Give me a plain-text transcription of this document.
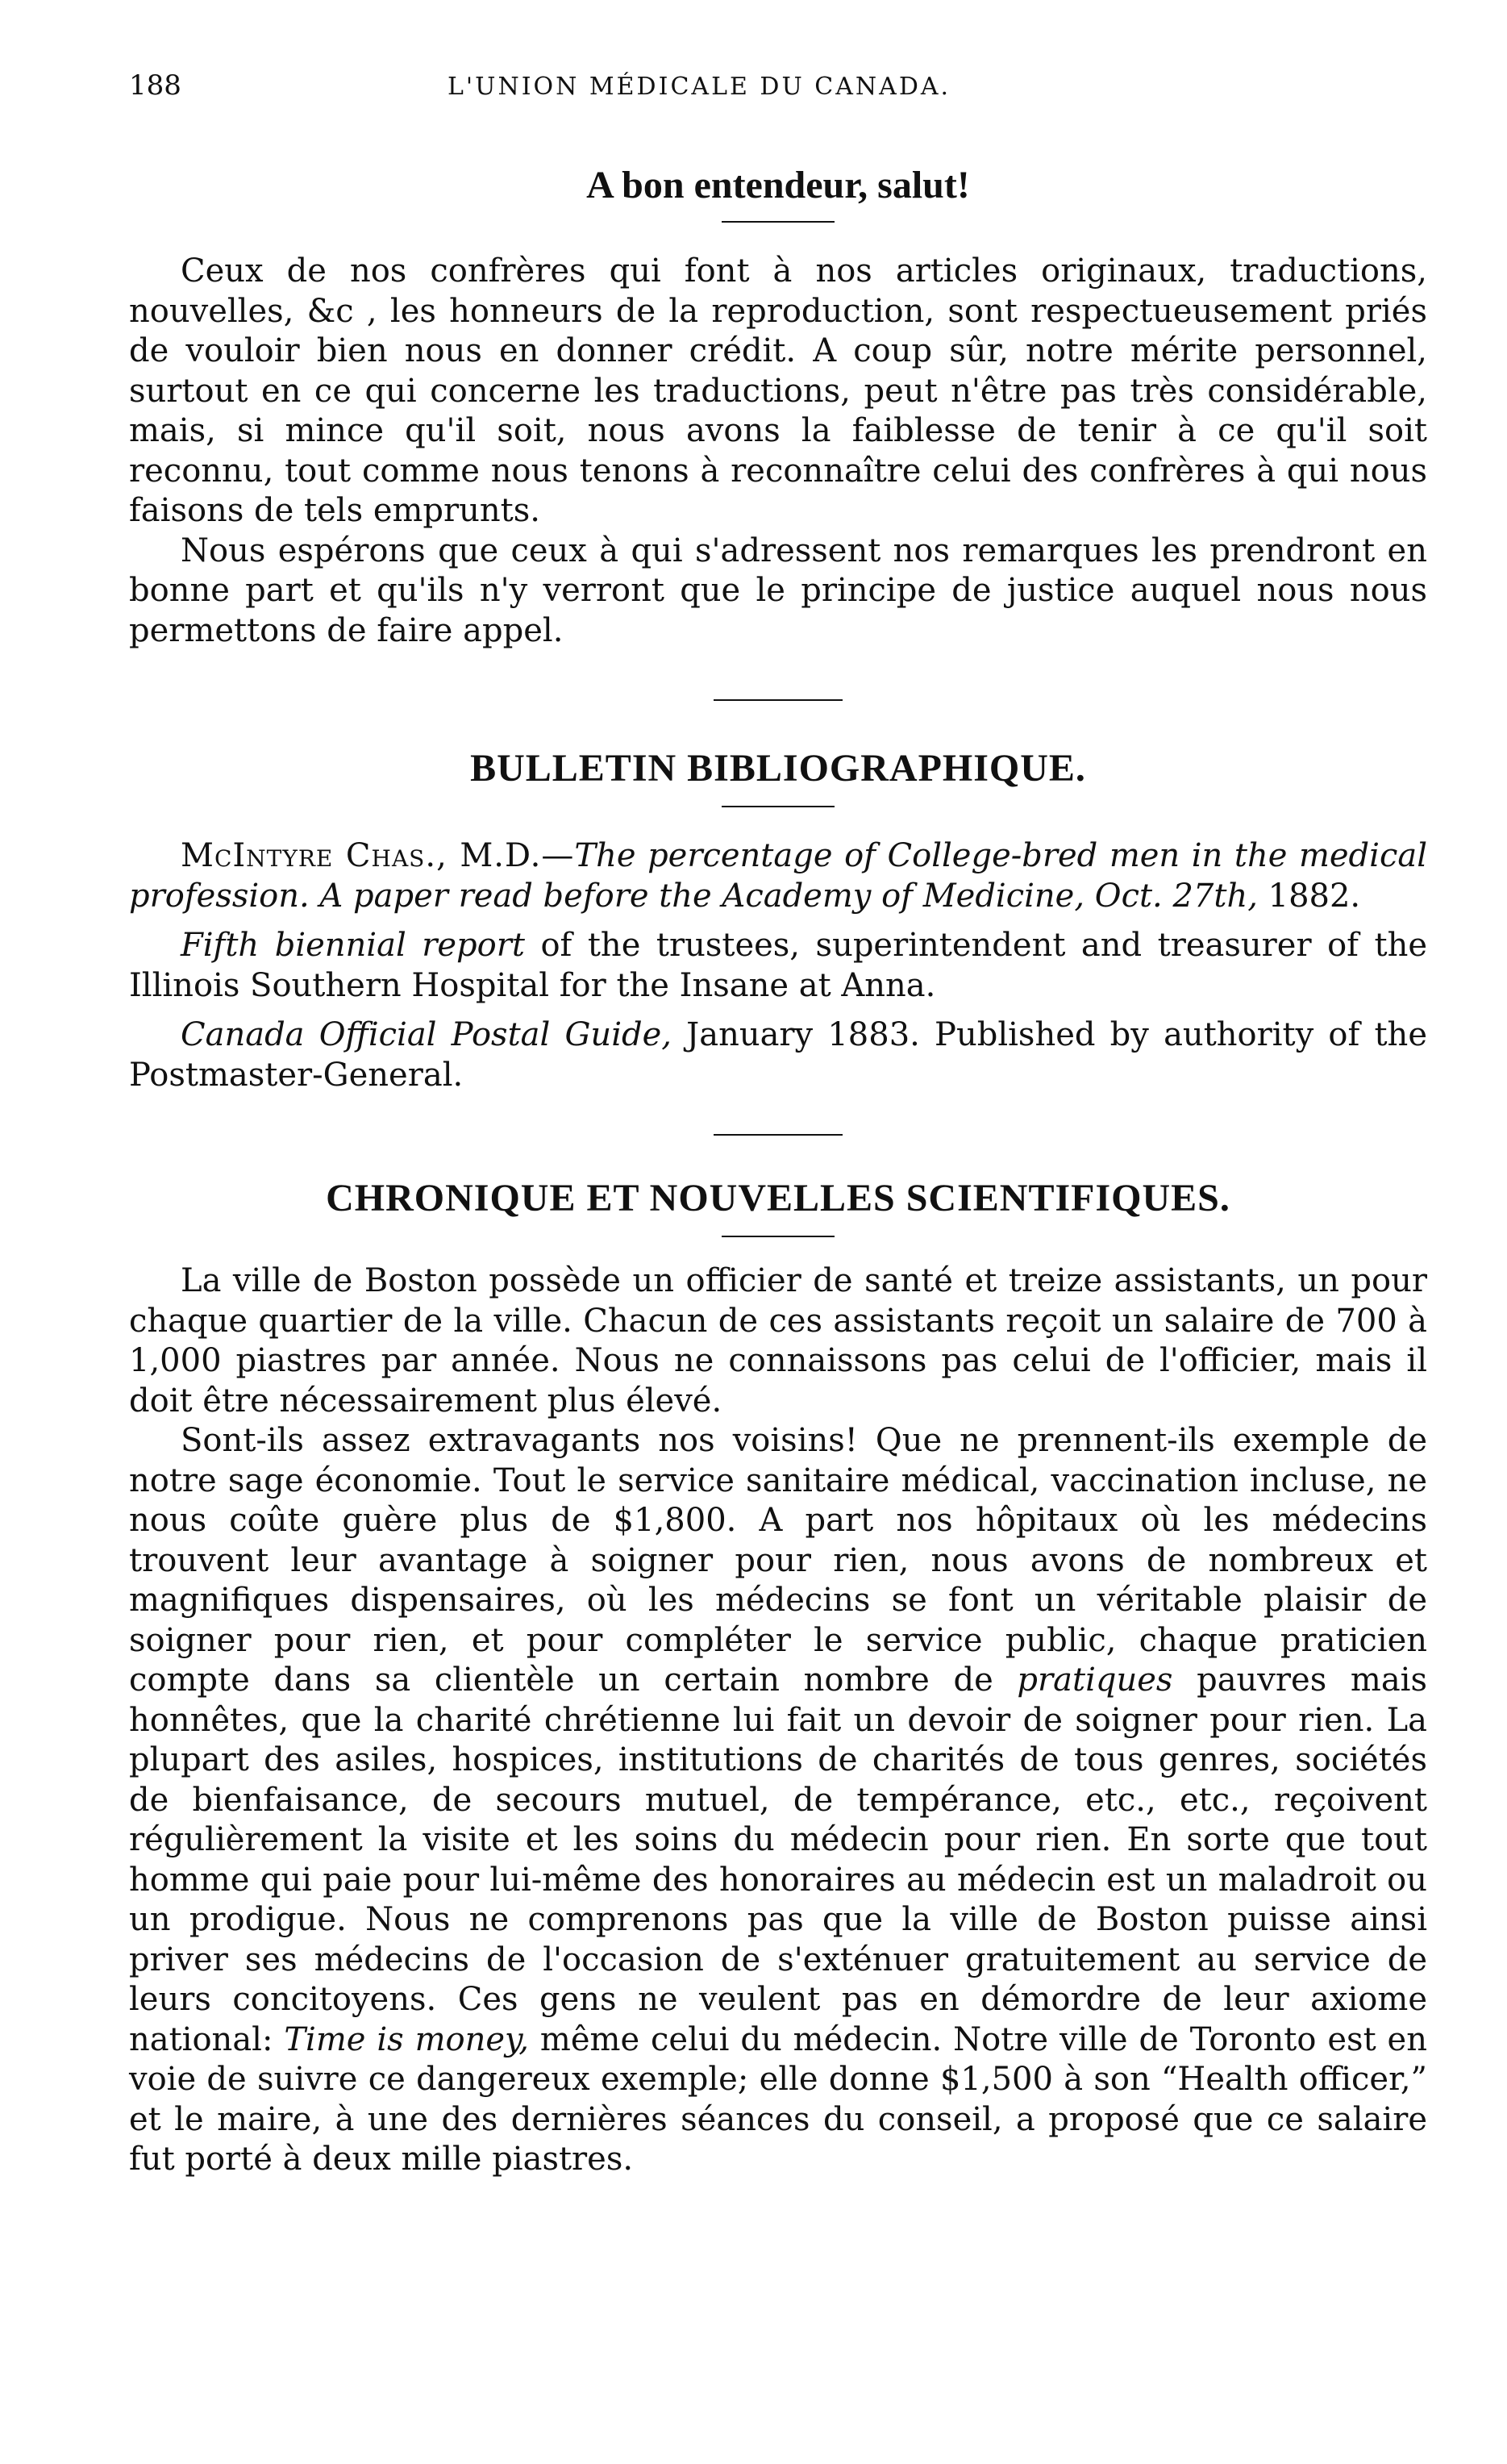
188	L'UNION MÉDICALE DU CANADA.
A bon entendeur, salut!

Ceux de nos confrères qui font à nos articles originaux, traductions, nouvelles, &c , les honneurs de la reproduction, sont respectueusement priés de vouloir bien nous en donner crédit. A coup sûr, notre mérite personnel, surtout en ce qui concerne les traductions, peut n'être pas très considérable, mais, si mince qu'il soit, nous avons la faiblesse de tenir à ce qu'il soit reconnu, tout comme nous tenons à reconnaître celui des confrères à qui nous faisons de tels emprunts.

Nous espérons que ceux à qui s'adressent nos remarques les prendront en bonne part et qu'ils n'y verront que le principe de justice auquel nous nous permettons de faire appel.

BULLETIN BIBLIOGRAPHIQUE.

McIntyre Chas., M.D.—The percentage of College-bred men in the medical profession. A paper read before the Academy of Medicine, Oct. 27th, 1882.

Fifth biennial report of the trustees, superintendent and treasurer of the Illinois Southern Hospital for the Insane at Anna.

Canada Official Postal Guide, January 1883. Published by authority of the Postmaster-General.

CHRONIQUE ET NOUVELLES SCIENTIFIQUES.

La ville de Boston possède un officier de santé et treize assistants, un pour chaque quartier de la ville. Chacun de ces assistants reçoit un salaire de 700 à 1,000 piastres par année. Nous ne connaissons pas celui de l'officier, mais il doit être nécessairement plus élevé.

Sont-ils assez extravagants nos voisins! Que ne prennent-ils exemple de notre sage économie. Tout le service sanitaire médical, vaccination incluse, ne nous coûte guère plus de $1,800. A part nos hôpitaux où les médecins trouvent leur avantage à soigner pour rien, nous avons de nombreux et magnifiques dispensaires, où les médecins se font un véritable plaisir de soigner pour rien, et pour compléter le service public, chaque praticien compte dans sa clientèle un certain nombre de pratiques pauvres mais honnêtes, que la charité chrétienne lui fait un devoir de soigner pour rien. La plupart des asiles, hospices, institutions de charités de tous genres, sociétés de bienfaisance, de secours mutuel, de tempérance, etc., etc., reçoivent régulièrement la visite et les soins du médecin pour rien. En sorte que tout homme qui paie pour lui-même des honoraires au médecin est un maladroit ou un prodigue. Nous ne comprenons pas que la ville de Boston puisse ainsi priver ses médecins de l'occasion de s'exténuer gratuitement au service de leurs concitoyens. Ces gens ne veulent pas en démordre de leur axiome national: Time is money, même celui du médecin. Notre ville de Toronto est en voie de suivre ce dangereux exemple; elle donne $1,500 à son “Health officer,” et le maire, à une des dernières séances du conseil, a proposé que ce salaire fut porté à deux mille piastres.
